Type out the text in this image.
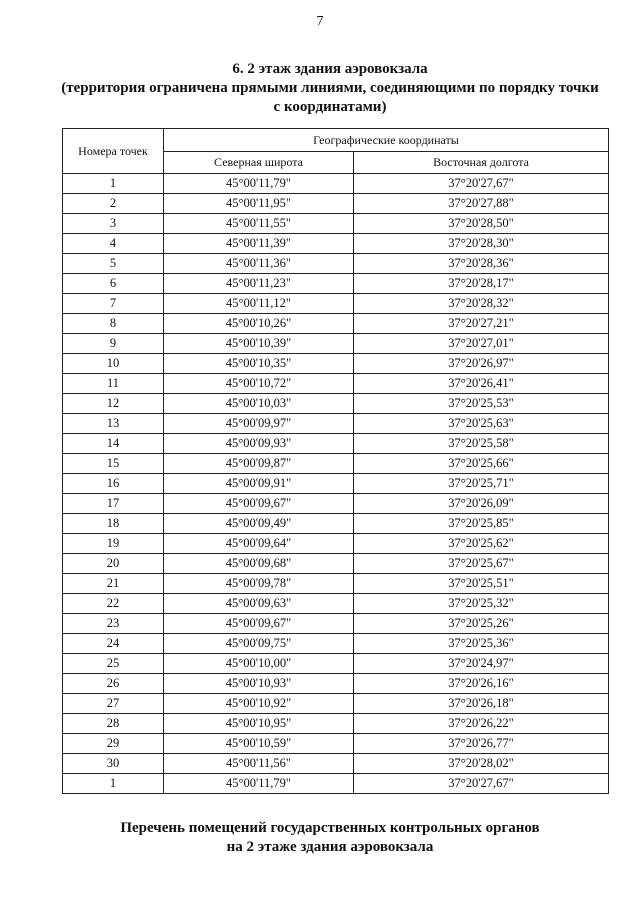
7
6. 2 этаж здания аэровокзала
(территория ограничена прямыми линиями, соединяющими по порядку точки
с координатами)
Номера точек	Географические координаты	
	Северная широта	Восточная долгота
1	45°00'11,79"	37°20'27,67"
2	45°00'11,95"	37°20'27,88"
3	45°00'11,55"	37°20'28,50"
4	45°00'11,39"	37°20'28,30"
5	45°00'11,36"	37°20'28,36"
6	45°00'11,23"	37°20'28,17"
7	45°00'11,12"	37°20'28,32"
8	45°00'10,26"	37°20'27,21"
9	45°00'10,39"	37°20'27,01"
10	45°00'10,35"	37°20'26,97"
11	45°00'10,72"	37°20'26,41"
12	45°00'10,03"	37°20'25,53"
13	45°00'09,97"	37°20'25,63"
14	45°00'09,93"	37°20'25,58"
15	45°00'09,87"	37°20'25,66"
16	45°00'09,91"	37°20'25,71"
17	45°00'09,67"	37°20'26,09"
18	45°00'09,49"	37°20'25,85"
19	45°00'09,64"	37°20'25,62"
20	45°00'09,68"	37°20'25,67"
21	45°00'09,78"	37°20'25,51"
22	45°00'09,63"	37°20'25,32"
23	45°00'09,67"	37°20'25,26"
24	45°00'09,75"	37°20'25,36"
25	45°00'10,00"	37°20'24,97"
26	45°00'10,93"	37°20'26,16"
27	45°00'10,92"	37°20'26,18"
28	45°00'10,95"	37°20'26,22"
29	45°00'10,59"	37°20'26,77"
30	45°00'11,56"	37°20'28,02"
1	45°00'11,79"	37°20'27,67"
Перечень помещений государственных контрольных органов
на 2 этаже здания аэровокзала
